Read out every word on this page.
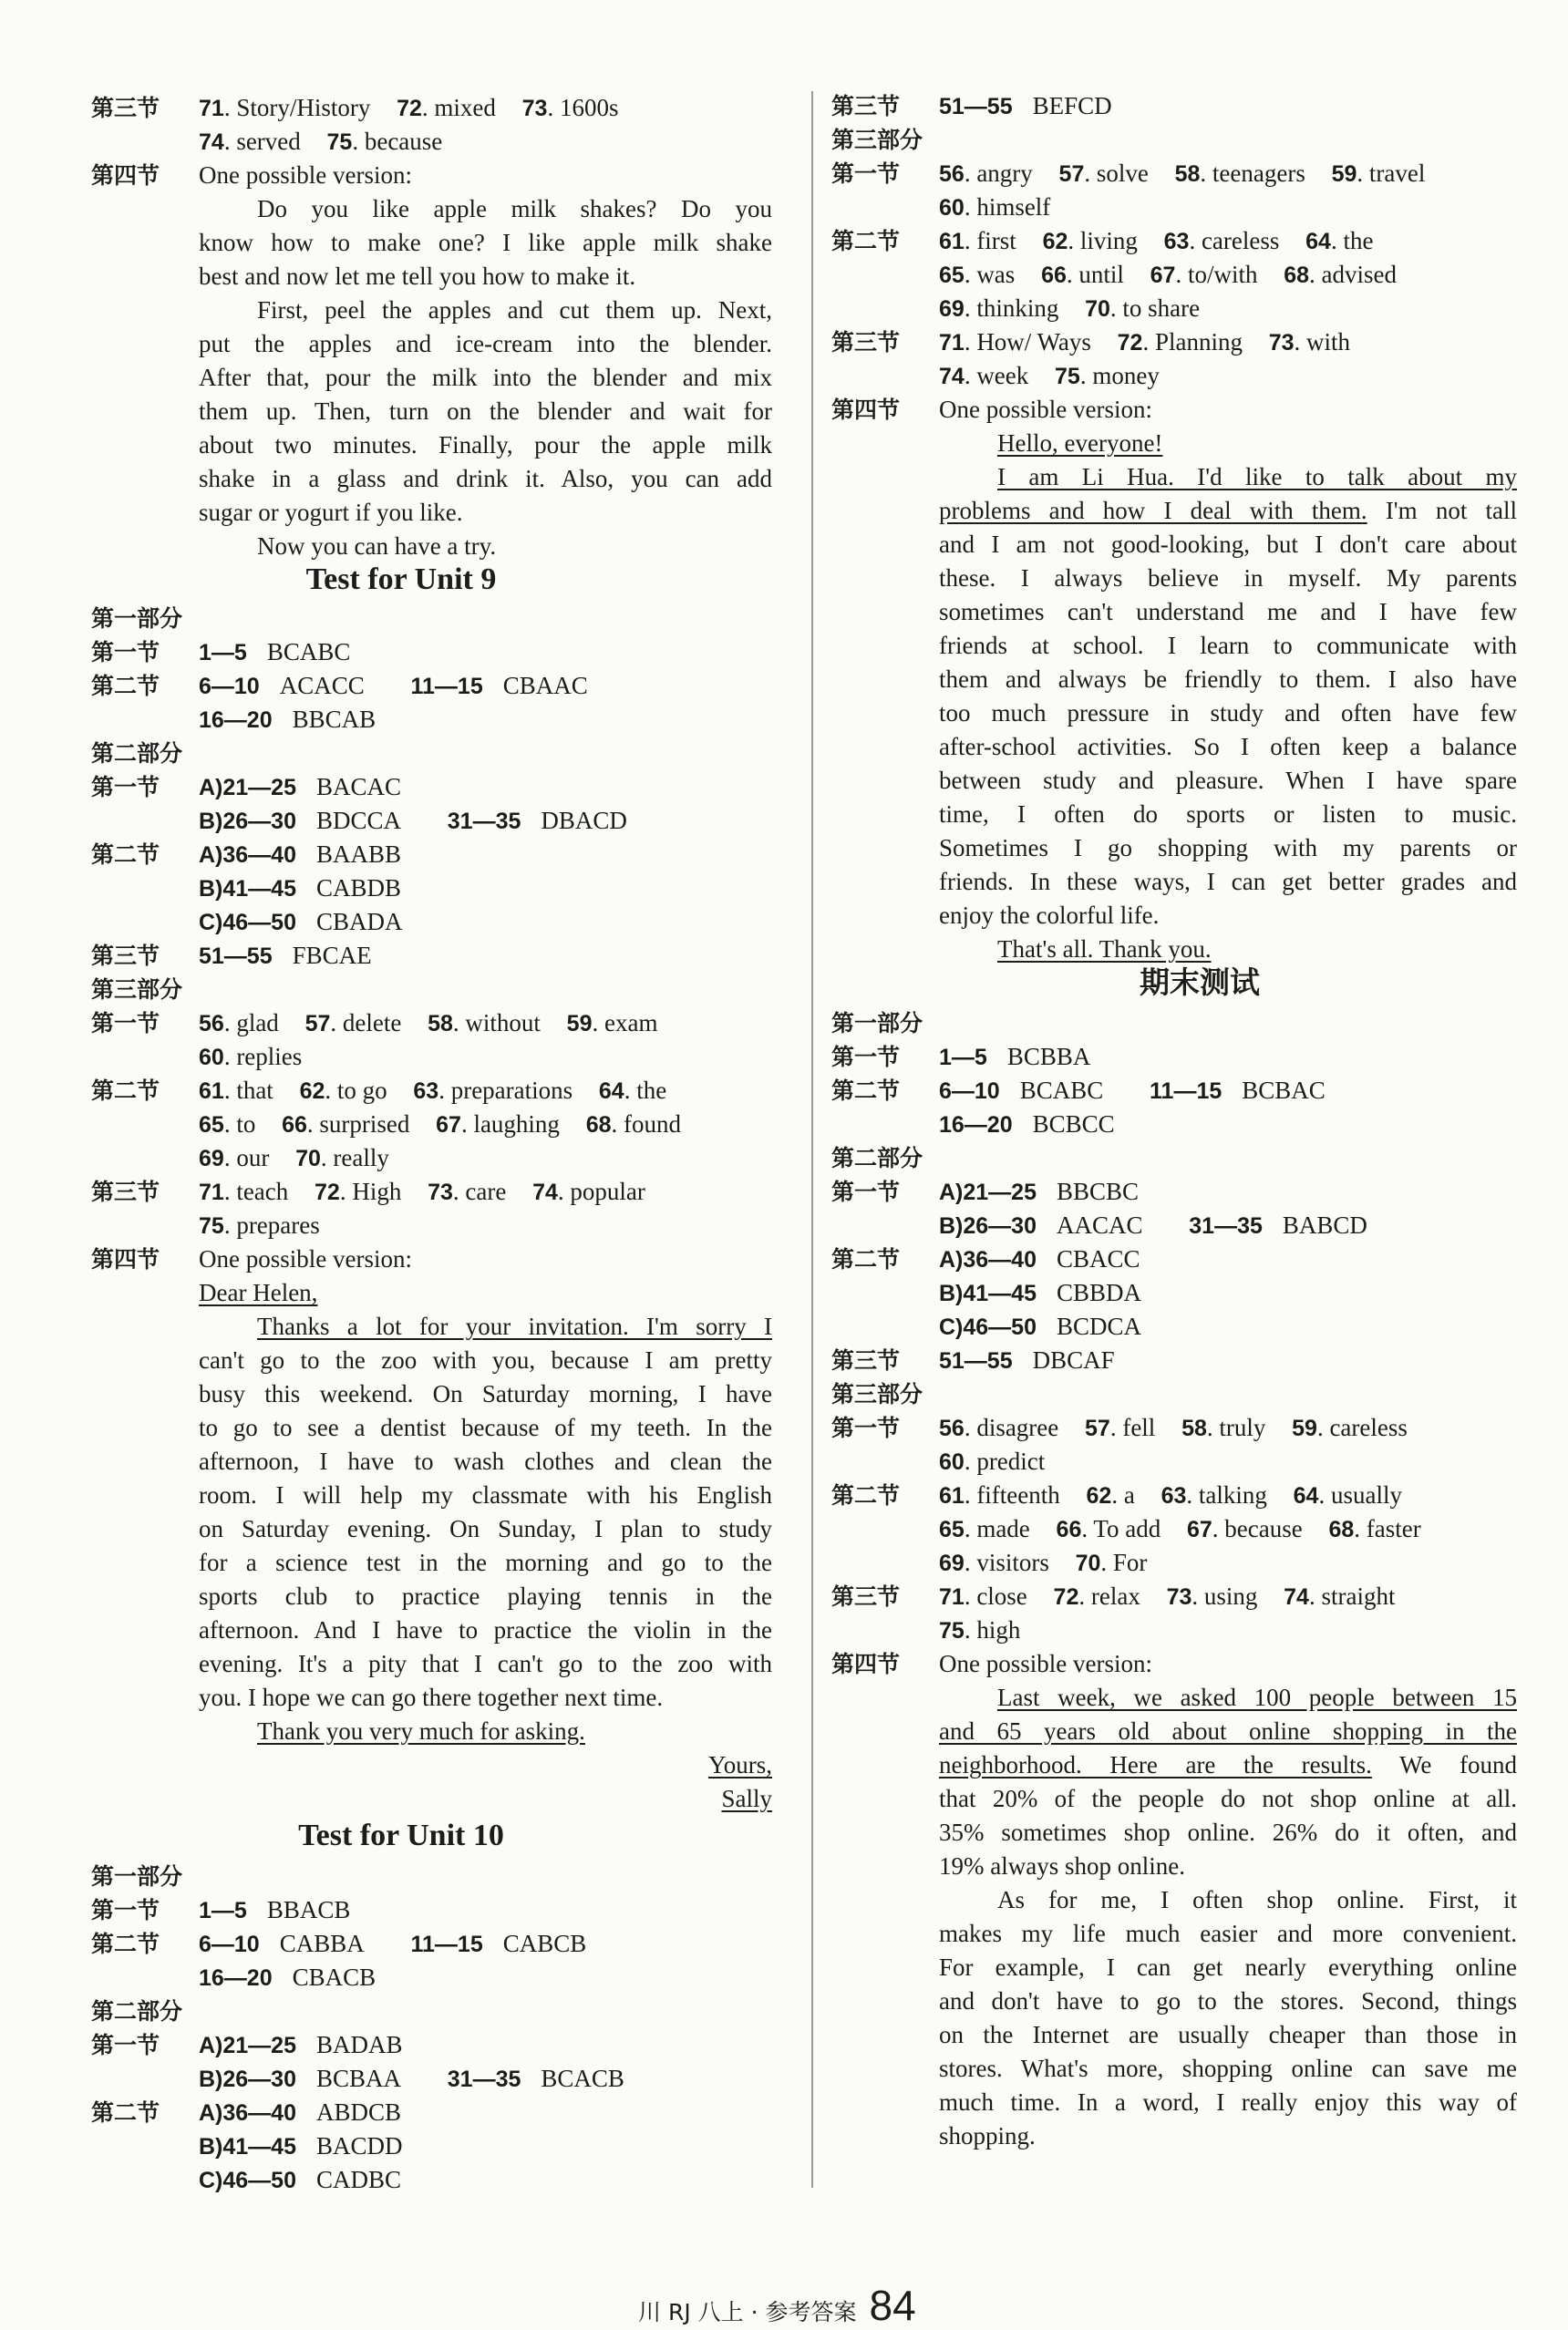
第三节 71. Story/History 72. mixed 73. 1600s
74. served 75. because
第四节 One possible version:
Do you like apple milk shakes? Do you
know how to make one? I like apple milk shake
best and now let me tell you how to make it.
First, peel the apples and cut them up. Next,
put the apples and ice-cream into the blender.
After that, pour the milk into the blender and mix
them up. Then, turn on the blender and wait for
about two minutes. Finally, pour the apple milk
shake in a glass and drink it. Also, you can add
sugar or yogurt if you like.
Now you can have a try.
Test for Unit 9
第一部分
第一节 1—5 BCABC
第二节 6—10 ACACC 11—15 CBAAC
16—20 BBCAB
第二部分
第一节 A)21—25 BACAC
B)26—30 BDCCA 31—35 DBACD
第二节 A)36—40 BAABB
B)41—45 CABDB
C)46—50 CBADA
第三节 51—55 FBCAE
第三部分
第一节 56. glad 57. delete 58. without 59. exam
60. replies
第二节 61. that 62. to go 63. preparations 64. the
65. to 66. surprised 67. laughing 68. found
69. our 70. really
第三节 71. teach 72. High 73. care 74. popular
75. prepares
第四节 One possible version:
Dear Helen,
Thanks a lot for your invitation. I'm sorry I
can't go to the zoo with you, because I am pretty
busy this weekend. On Saturday morning, I have
to go to see a dentist because of my teeth. In the
afternoon, I have to wash clothes and clean the
room. I will help my classmate with his English
on Saturday evening. On Sunday, I plan to study
for a science test in the morning and go to the
sports club to practice playing tennis in the
afternoon. And I have to practice the violin in the
evening. It's a pity that I can't go to the zoo with
you. I hope we can go there together next time.
Thank you very much for asking.
Yours,
Sally
Test for Unit 10
第一部分
第一节 1—5 BBACB
第二节 6—10 CABBA 11—15 CABCB
16—20 CBACB
第二部分
第一节 A)21—25 BADAB
B)26—30 BCBAA 31—35 BCACB
第二节 A)36—40 ABDCB
B)41—45 BACDD
C)46—50 CADBC
第三节 51—55 BEFCD
第三部分
第一节 56. angry 57. solve 58. teenagers 59. travel
60. himself
第二节 61. first 62. living 63. careless 64. the
65. was 66. until 67. to/with 68. advised
69. thinking 70. to share
第三节 71. How/ Ways 72. Planning 73. with
74. week 75. money
第四节 One possible version:
Hello, everyone!
I am Li Hua. I'd like to talk about my
problems and how I deal with them. I'm not tall
and I am not good-looking, but I don't care about
these. I always believe in myself. My parents
sometimes can't understand me and I have few
friends at school. I learn to communicate with
them and always be friendly to them. I also have
too much pressure in study and often have few
after-school activities. So I often keep a balance
between study and pleasure. When I have spare
time, I often do sports or listen to music.
Sometimes I go shopping with my parents or
friends. In these ways, I can get better grades and
enjoy the colorful life.
That's all. Thank you.
期末测试
第一部分
第一节 1—5 BCBBA
第二节 6—10 BCABC 11—15 BCBAC
16—20 BCBCC
第二部分
第一节 A)21—25 BBCBC
B)26—30 AACAC 31—35 BABCD
第二节 A)36—40 CBACC
B)41—45 CBBDA
C)46—50 BCDCA
第三节 51—55 DBCAF
第三部分
第一节 56. disagree 57. fell 58. truly 59. careless
60. predict
第二节 61. fifteenth 62. a 63. talking 64. usually
65. made 66. To add 67. because 68. faster
69. visitors 70. For
第三节 71. close 72. relax 73. using 74. straight
75. high
第四节 One possible version:
Last week, we asked 100 people between 15
and 65 years old about online shopping in the
neighborhood. Here are the results. We found
that 20% of the people do not shop online at all.
35% sometimes shop online. 26% do it often, and
19% always shop online.
As for me, I often shop online. First, it
makes my life much easier and more convenient.
For example, I can get nearly everything online
and don't have to go to the stores. Second, things
on the Internet are usually cheaper than those in
stores. What's more, shopping online can save me
much time. In a word, I really enjoy this way of
shopping.
川 RJ 八上 · 参考答案 84
